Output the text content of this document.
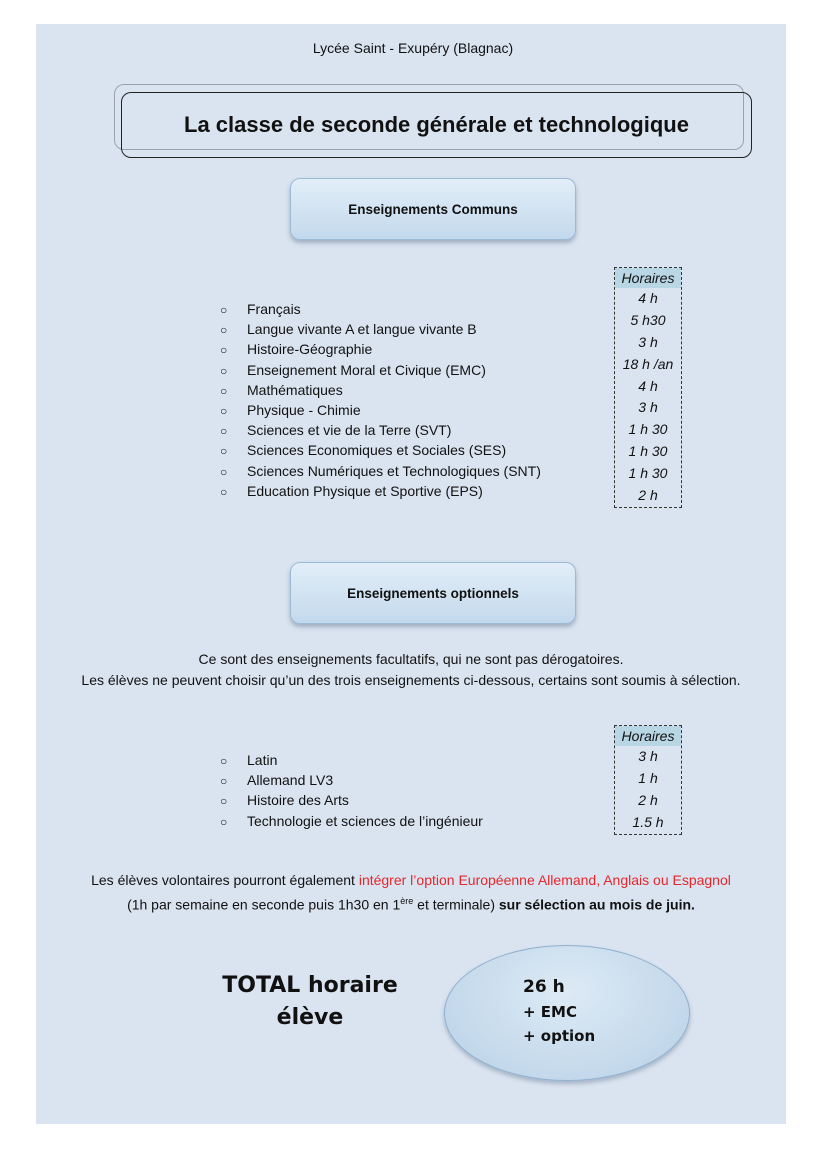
Lycée Saint - Exupéry (Blagnac)
La classe de seconde générale et technologique
Enseignements Communs
○ Français
○ Langue vivante A et langue vivante B
○ Histoire-Géographie
○ Enseignement Moral et Civique (EMC)
○ Mathématiques
○ Physique - Chimie
○ Sciences et vie de la Terre (SVT)
○ Sciences Economiques et Sociales (SES)
○ Sciences Numériques et Technologiques (SNT)
○ Education Physique et Sportive (EPS)
Horaires
4 h
5 h30
3 h
18 h /an
4 h
3 h
1 h 30
1 h 30
1 h 30
2 h
Enseignements optionnels
Ce sont des enseignements facultatifs, qui ne sont pas dérogatoires.
Les élèves ne peuvent choisir qu’un des trois enseignements ci-dessous, certains sont soumis à sélection.
○ Latin
○ Allemand LV3
○ Histoire des Arts
○ Technologie et sciences de l’ingénieur
Horaires
3 h
1 h
2 h
1.5 h
Les élèves volontaires pourront également intégrer l’option Européenne Allemand, Anglais ou Espagnol
(1h par semaine en seconde puis 1h30 en 1ère et terminale) sur sélection au mois de juin.
TOTAL horaire
élève
26 h
+ EMC
+ option
